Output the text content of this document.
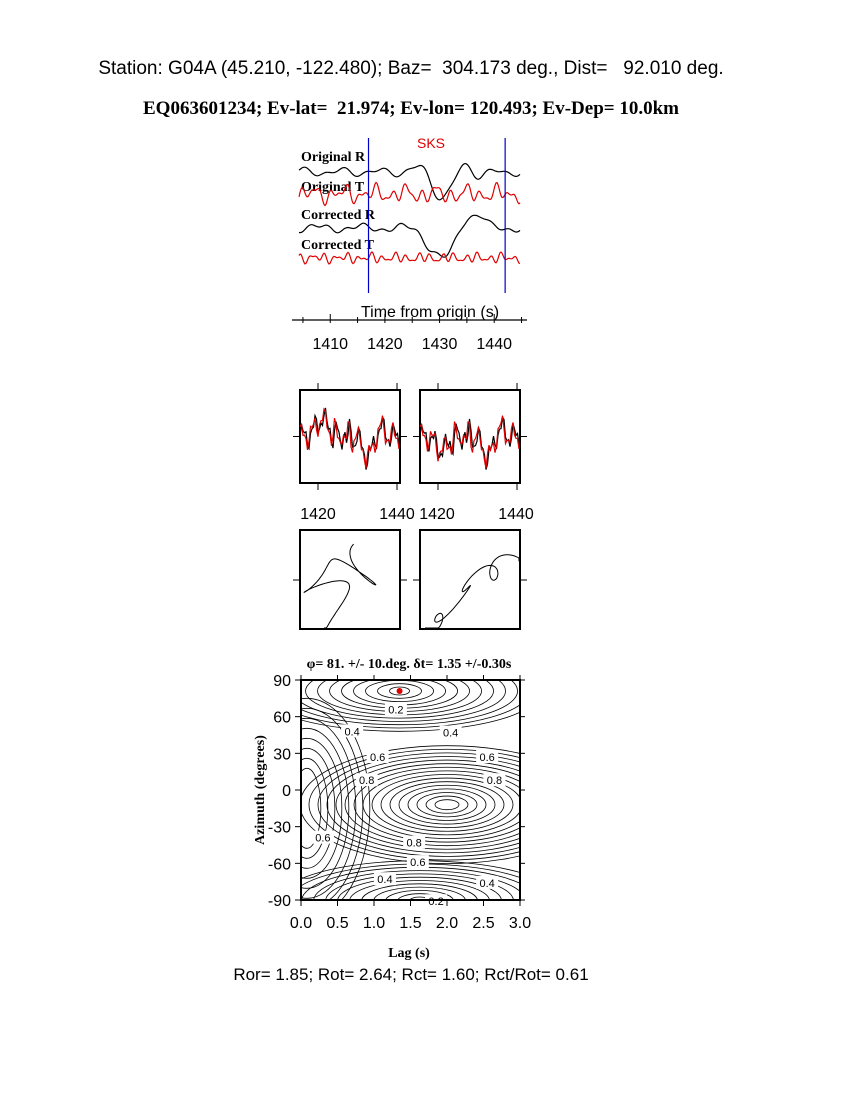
Station: G04A (45.210, -122.480); Baz=  304.173 deg., Dist=   92.010 deg.
EQ063601234; Ev-lat=  21.974; Ev-lon= 120.493; Ev-Dep= 10.0km
SKS
Original R
Original T
Corrected R
Corrected T
Time from origin (s)
1410 1420 1430 1440
1420	1440 1420	1440
φ= 81. +/- 10.deg. δt= 1.35 +/-0.30s
0.2
0.4	0.4
0.6	0.6
0.8	0.8
0.8
0.6
0.4	0.4
0.2
0.6
0.0 0.5 1.0 1.5 2.0 2.5 3.0
90
60
30
0
-30
-60
-90
Lag (s)
Azimuth (degrees)
Ror= 1.85; Rot= 2.64; Rct= 1.60; Rct/Rot= 0.61
